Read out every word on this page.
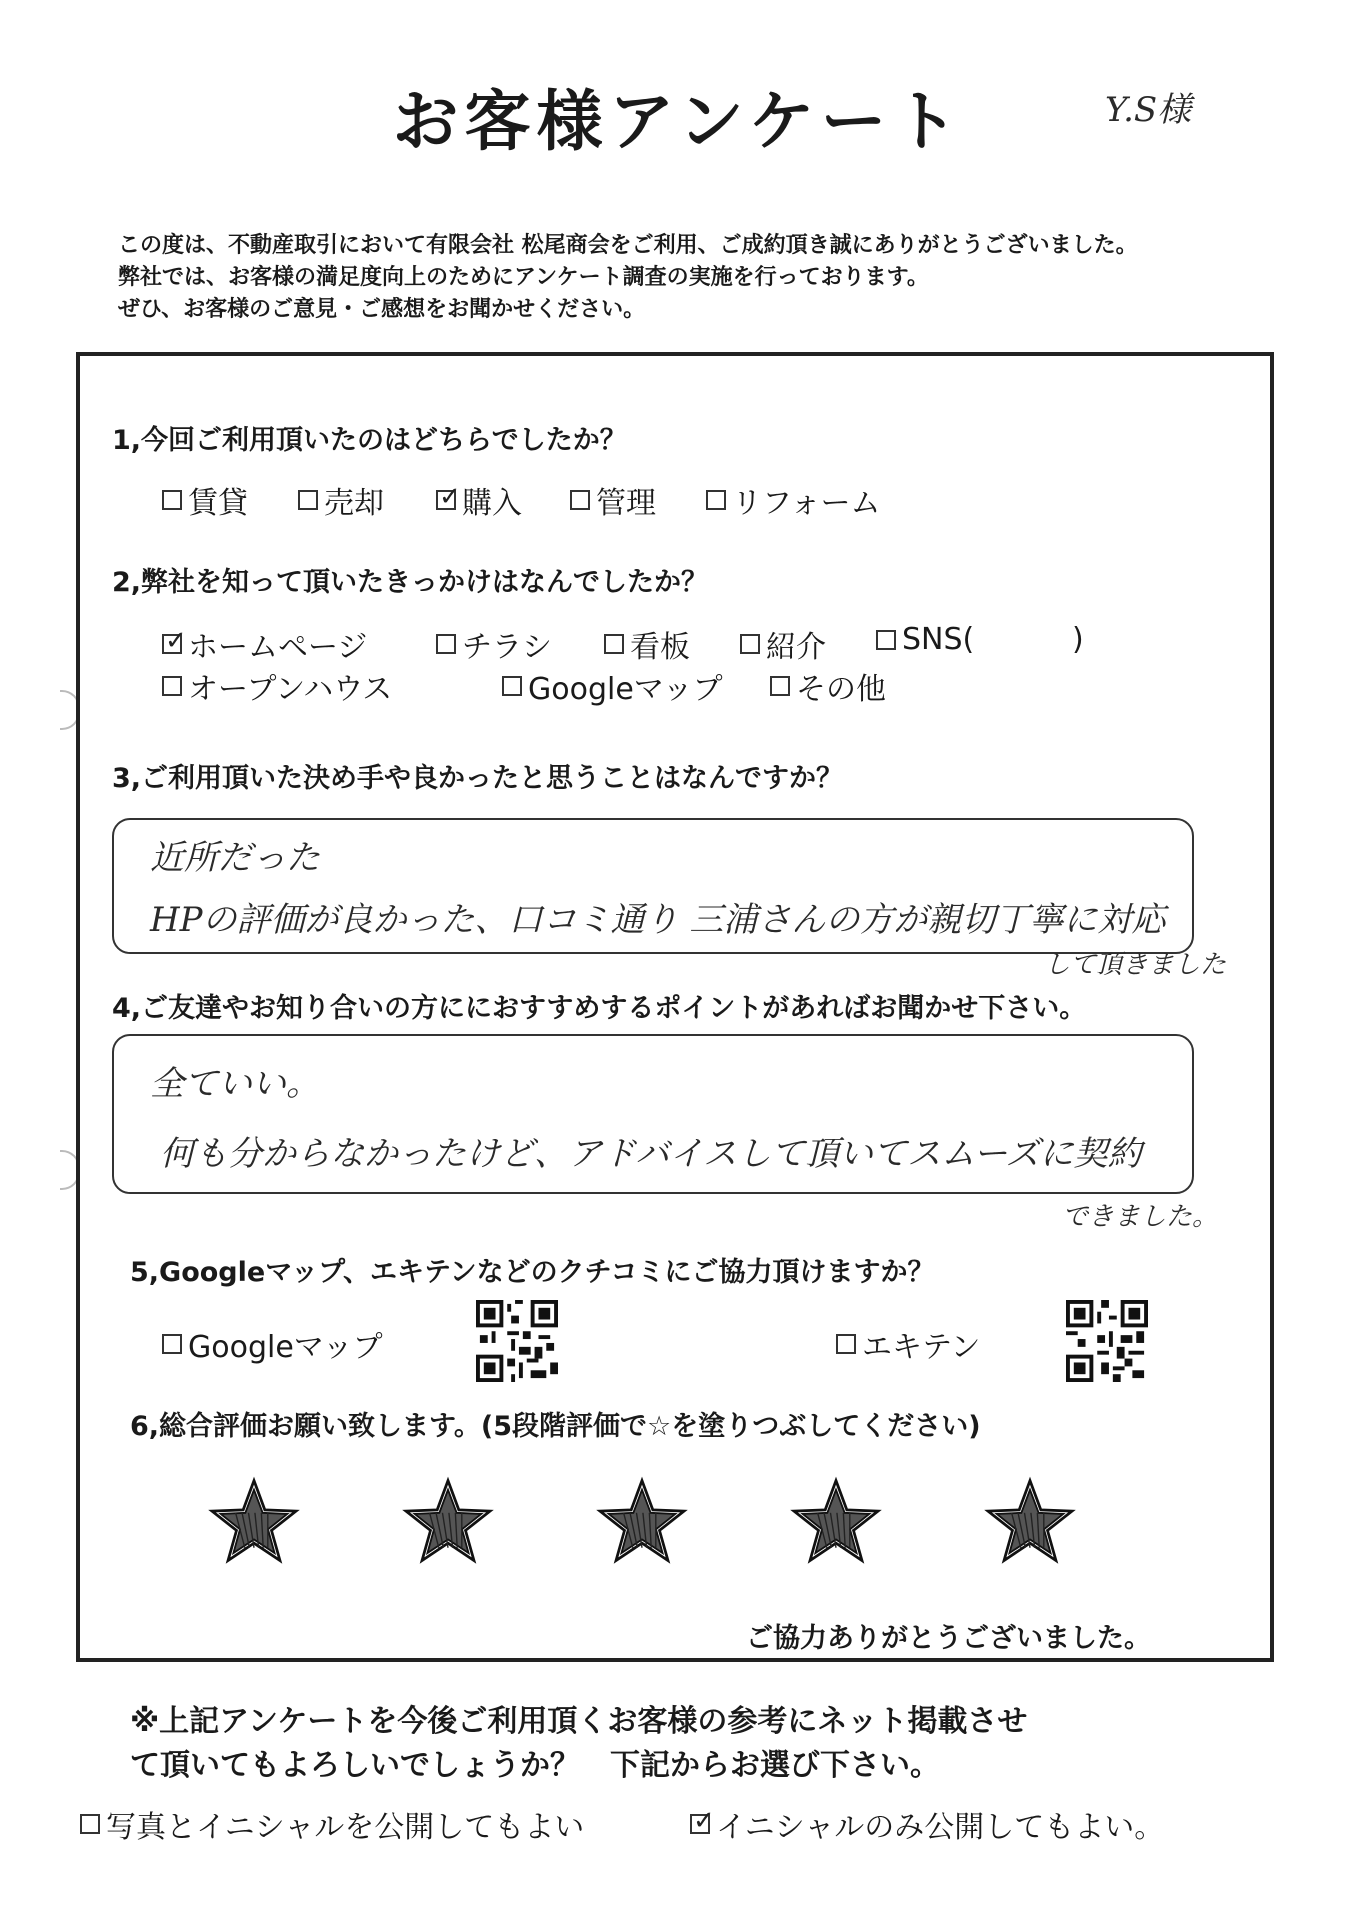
お客様アンケート	Y.S様
この度は、不動産取引において有限会社 松尾商会をご利用、ご成約頂き誠にありがとうございました。
弊社では、お客様の満足度向上のためにアンケート調査の実施を行っております。
ぜひ、お客様のご意見・ご感想をお聞かせください。
1,今回ご利用頂いたのはどちらでしたか？
賃貸	売却 ✓	購入 管理	リフォーム
2,弊社を知って頂いたきっかけはなんでしたか？
✓
ホームページ	チラシ	看板	紹介	SNS(	)
オープンハウス	Googleマップ その他
3,ご利用頂いた決め手や良かったと思うことはなんですか？
近所だった
HPの評価が良かった、口コミ通り 三浦さんの方が親切丁寧に対応
して頂きました
4,ご友達やお知り合いの方ににおすすめするポイントがあればお聞かせ下さい。
全ていい。
何も分からなかったけど、アドバイスして頂いてスムーズに契約
できました。
5,Googleマップ、エキテンなどのクチコミにご協力頂けますか？
Googleマップ	エキテン
6,総合評価お願い致します。(5段階評価で☆を塗りつぶしてください)
ご協力ありがとうございました。
※上記アンケートを今後ご利用頂くお客様の参考にネット掲載させ
て頂いてもよろしいでしょうか？　下記からお選び下さい。
写真とイニシャルを公開してもよい ✓	イニシャルのみ公開してもよい。
